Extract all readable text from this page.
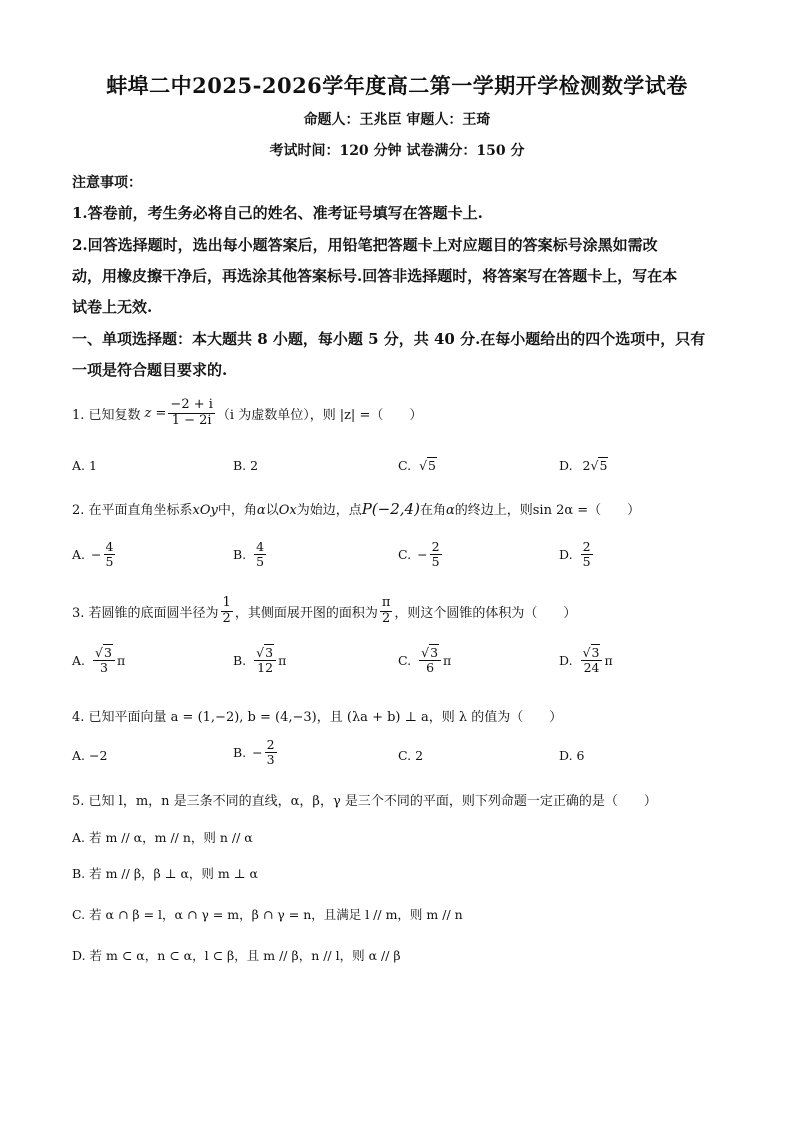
蚌埠二中2025-2026学年度高二第一学期开学检测数学试卷
命题人：王兆臣 审题人：王琦
考试时间：120 分钟 试卷满分：150 分
注意事项：
1.答卷前，考生务必将自己的姓名、准考证号填写在答题卡上.
2.回答选择题时，选出每小题答案后，用铅笔把答题卡上对应题目的答案标号涂黑如需改
动，用橡皮擦干净后，再选涂其他答案标号.回答非选择题时，将答案写在答题卡上，写在本
试卷上无效.
一、单项选择题：本大题共 8 小题，每小题 5 分，共 40 分.在每小题给出的四个选项中，只有
一项是符合题目要求的.
1. 已知复数 $z = \frac{-2 + i}{1 - 2i} (i$ 为虚数单位），则 |z| =（　　）
A. 1	B. 2	C. √5	D. 2√5
2. 在平面直角坐标系xOy中，角α以Ox为始边，点P(−2,4)在角α的终边上，则sin 2α =（　　）
A. − $\frac{4}{5}$	B. $\frac{4}{5}$	C. − $\frac{2}{5}$	D. $\frac{2}{5}$
3. 若圆锥的底面圆半径为 $\frac{1}{2}$ ，其侧面展开图的面积为 $\frac{\pi}{2}$ ，则这个圆锥的体积为（　　）
A. $\frac{√3}{3}$ π	B. $\frac{√3}{12}$ π	C. $\frac{√3}{6}$ π	D. $\frac{√3}{24}$ π
4. 已知平面向量 a = (1,−2), b = (4,−3)，且 (λa + b) ⊥ a，则 λ 的值为（　　）
A. −2	B. − $\frac{2}{3}$	C. 2	D. 6
5. 已知 l，m，n 是三条不同的直线，α，β，γ 是三个不同的平面，则下列命题一定正确的是（　　）
A. 若 m // α，m // n，则 n // α
B. 若 m // β，β ⊥ α，则 m ⊥ α
C. 若 α ∩ β = l，α ∩ γ = m，β ∩ γ = n，且满足 l // m，则 m // n
D. 若 m ⊂ α，n ⊂ α，l ⊂ β，且 m // β，n // l，则 α // β
